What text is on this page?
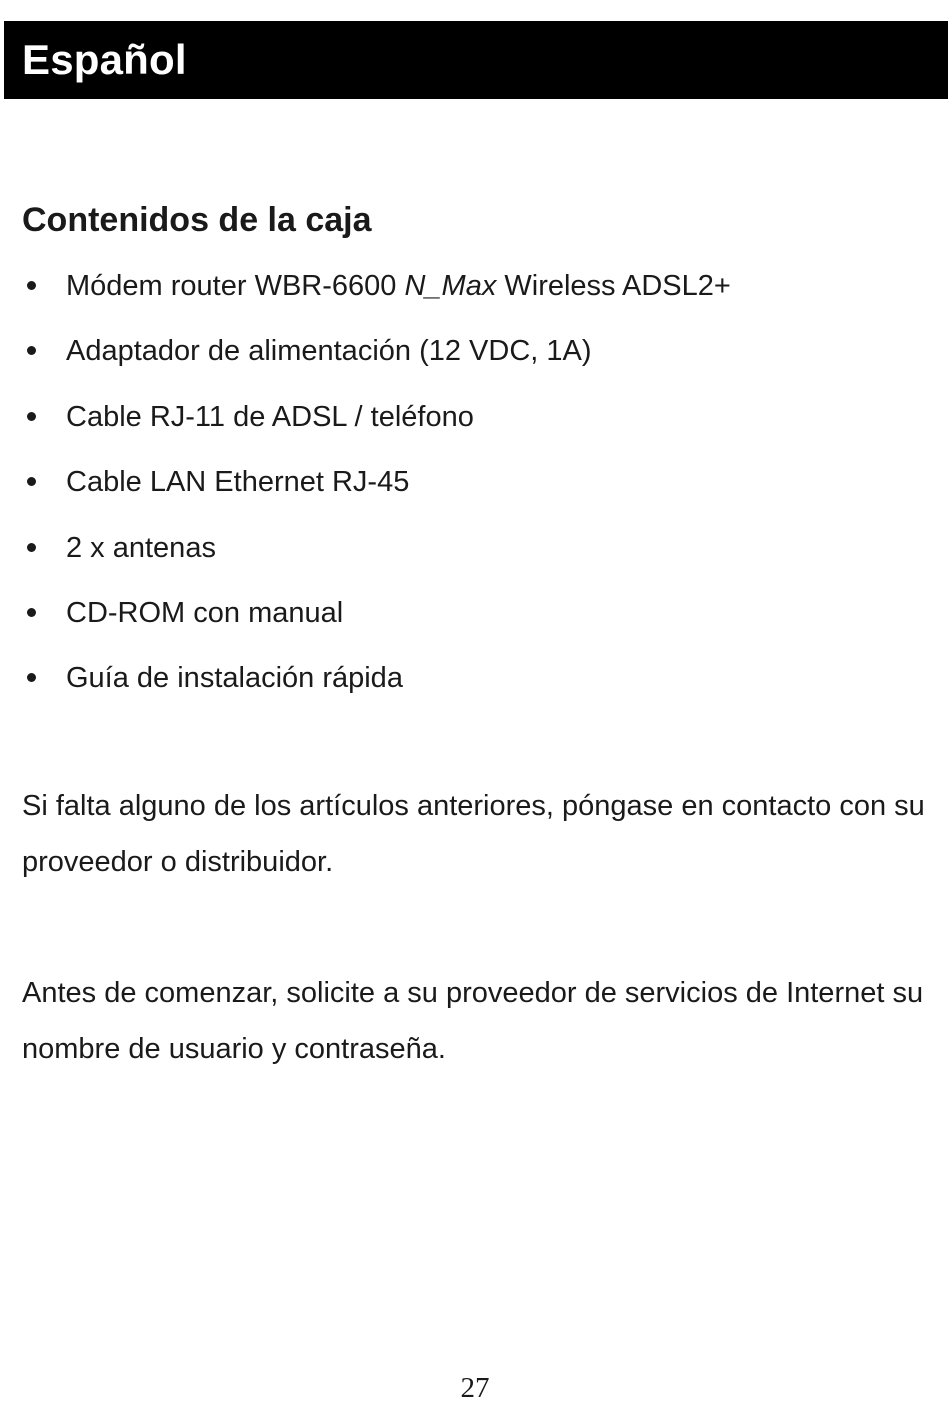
Español
Contenidos de la caja
Módem router WBR-6600 N_Max Wireless ADSL2+
Adaptador de alimentación (12 VDC, 1A)
Cable RJ-11 de ADSL / teléfono
Cable LAN Ethernet RJ-45
2 x antenas
CD-ROM con manual
Guía de instalación rápida

Si falta alguno de los artículos anteriores, póngase en contacto con su proveedor o distribuidor.

Antes de comenzar, solicite a su proveedor de servicios de Internet su nombre de usuario y contraseña.

27
